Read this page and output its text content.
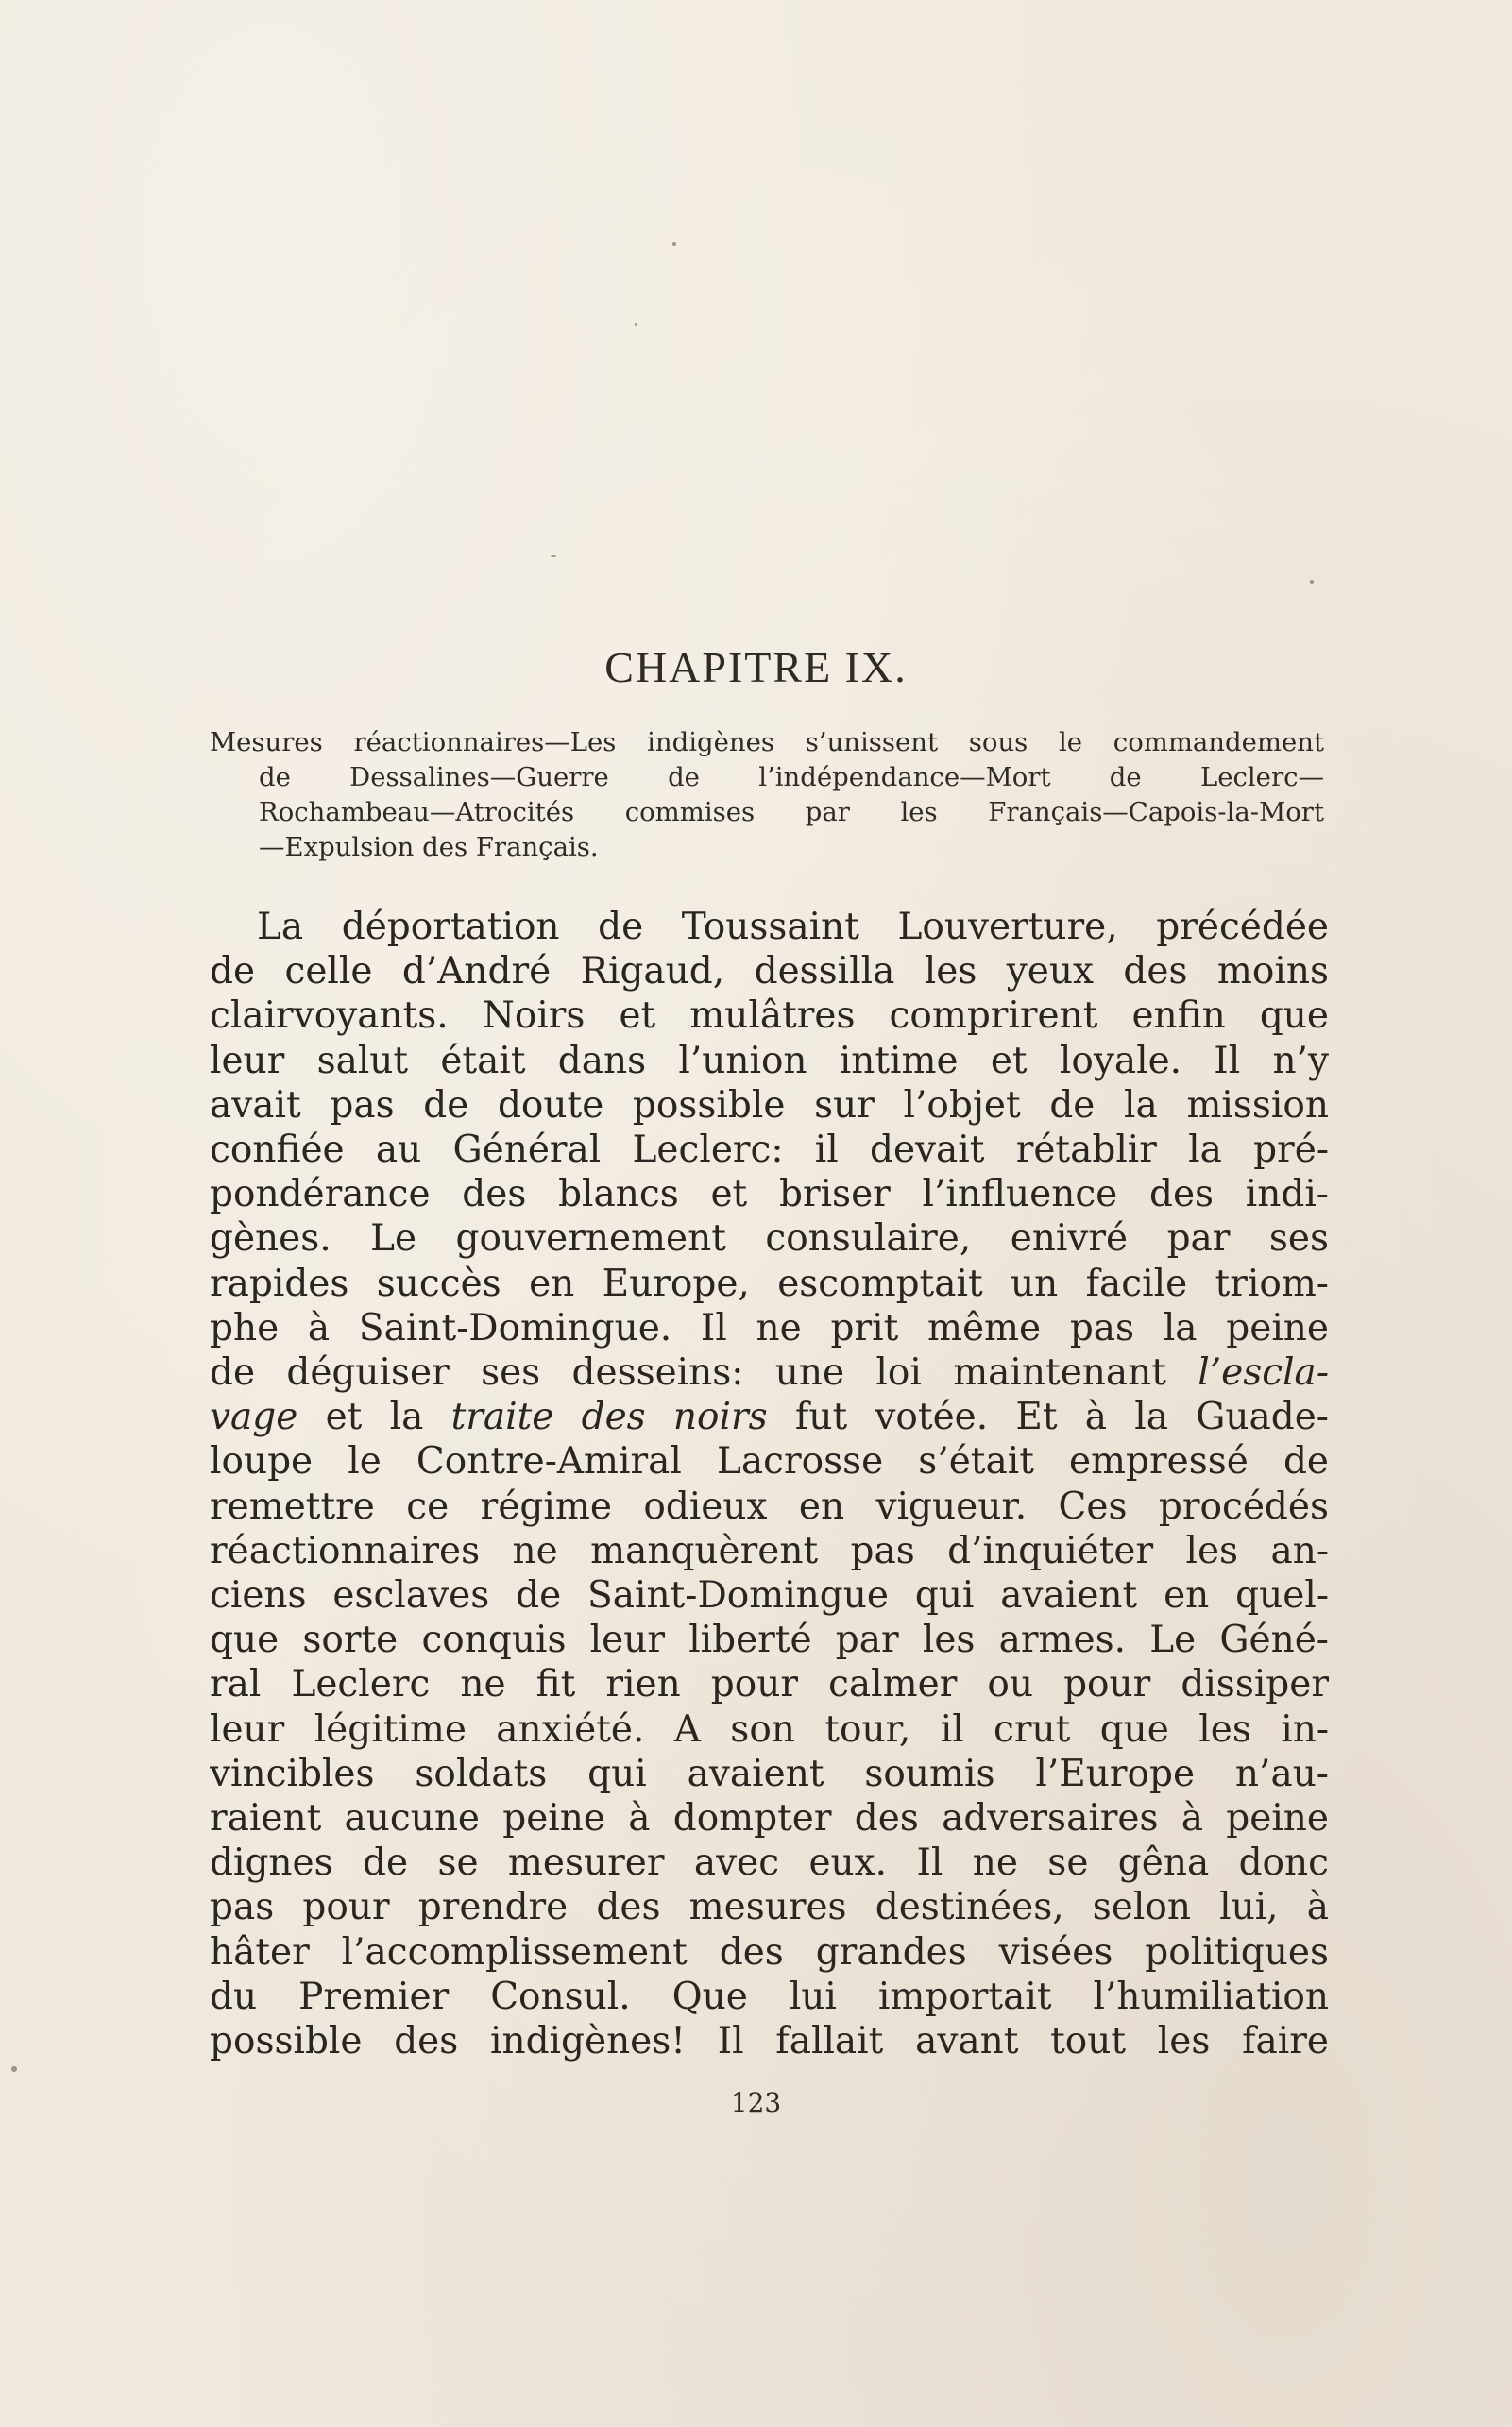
CHAPITRE IX.
Mesures réactionnaires—Les indigènes s’unissent sous le commandement
de Dessalines—Guerre de l’indépendance—Mort de Leclerc—
Rochambeau—Atrocités commises par les Français—Capois-la-Mort
—Expulsion des Français.
La déportation de Toussaint Louverture, précédée
de celle d’André Rigaud, dessilla les yeux des moins
clairvoyants. Noirs et mulâtres comprirent enfin que
leur salut était dans l’union intime et loyale. Il n’y
avait pas de doute possible sur l’objet de la mission
confiée au Général Leclerc: il devait rétablir la pré-
pondérance des blancs et briser l’influence des indi-
gènes. Le gouvernement consulaire, enivré par ses
rapides succès en Europe, escomptait un facile triom-
phe à Saint-Domingue. Il ne prit même pas la peine
de déguiser ses desseins: une loi maintenant l’escla-
vage et la traite des noirs fut votée. Et à la Guade-
loupe le Contre-Amiral Lacrosse s’était empressé de
remettre ce régime odieux en vigueur. Ces procédés
réactionnaires ne manquèrent pas d’inquiéter les an-
ciens esclaves de Saint-Domingue qui avaient en quel-
que sorte conquis leur liberté par les armes. Le Géné-
ral Leclerc ne fit rien pour calmer ou pour dissiper
leur légitime anxiété. A son tour, il crut que les in-
vincibles soldats qui avaient soumis l’Europe n’au-
raient aucune peine à dompter des adversaires à peine
dignes de se mesurer avec eux. Il ne se gêna donc
pas pour prendre des mesures destinées, selon lui, à
hâter l’accomplissement des grandes visées politiques
du Premier Consul. Que lui importait l’humiliation
possible des indigènes! Il fallait avant tout les faire
123
